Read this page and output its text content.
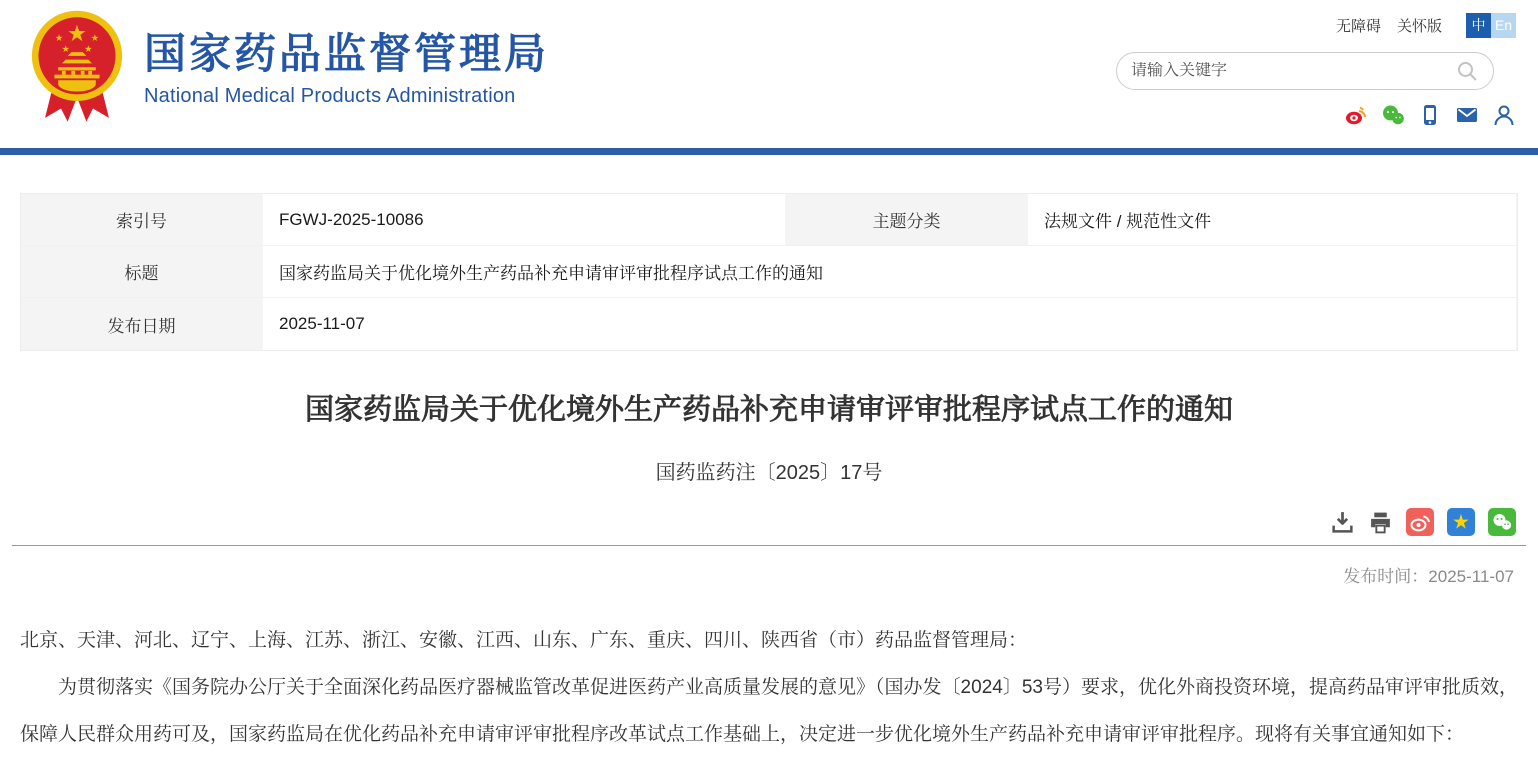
★
★	★
★ ★ 国家药品监督管理局
National Medical Products Administration
无障碍 关怀版	中 En
请输入关键字
索引号	FGWJ-2025-10086	主题分类	法规文件 / 规范性文件
标题	国家药监局关于优化境外生产药品补充申请审评审批程序试点工作的通知
发布日期	2025-11-07
国家药监局关于优化境外生产药品补充申请审评审批程序试点工作的通知
国药监药注〔2025〕17号
★
发布时间：2025-11-07

北京、天津、河北、辽宁、上海、江苏、浙江、安徽、江西、山东、广东、重庆、四川、陕西省（市）药品监督管理局：

为贯彻落实《国务院办公厅关于全面深化药品医疗器械监管改革促进医药产业高质量发展的意见》（国办发〔2024〕53号）要求，优化外商投资环境，提高药品审评审批质效，保障人民群众用药可及，国家药监局在优化药品补充申请审评审批程序改革试点工作基础上，决定进一步优化境外生产药品补充申请审评审批程序。现将有关事宜通知如下：
